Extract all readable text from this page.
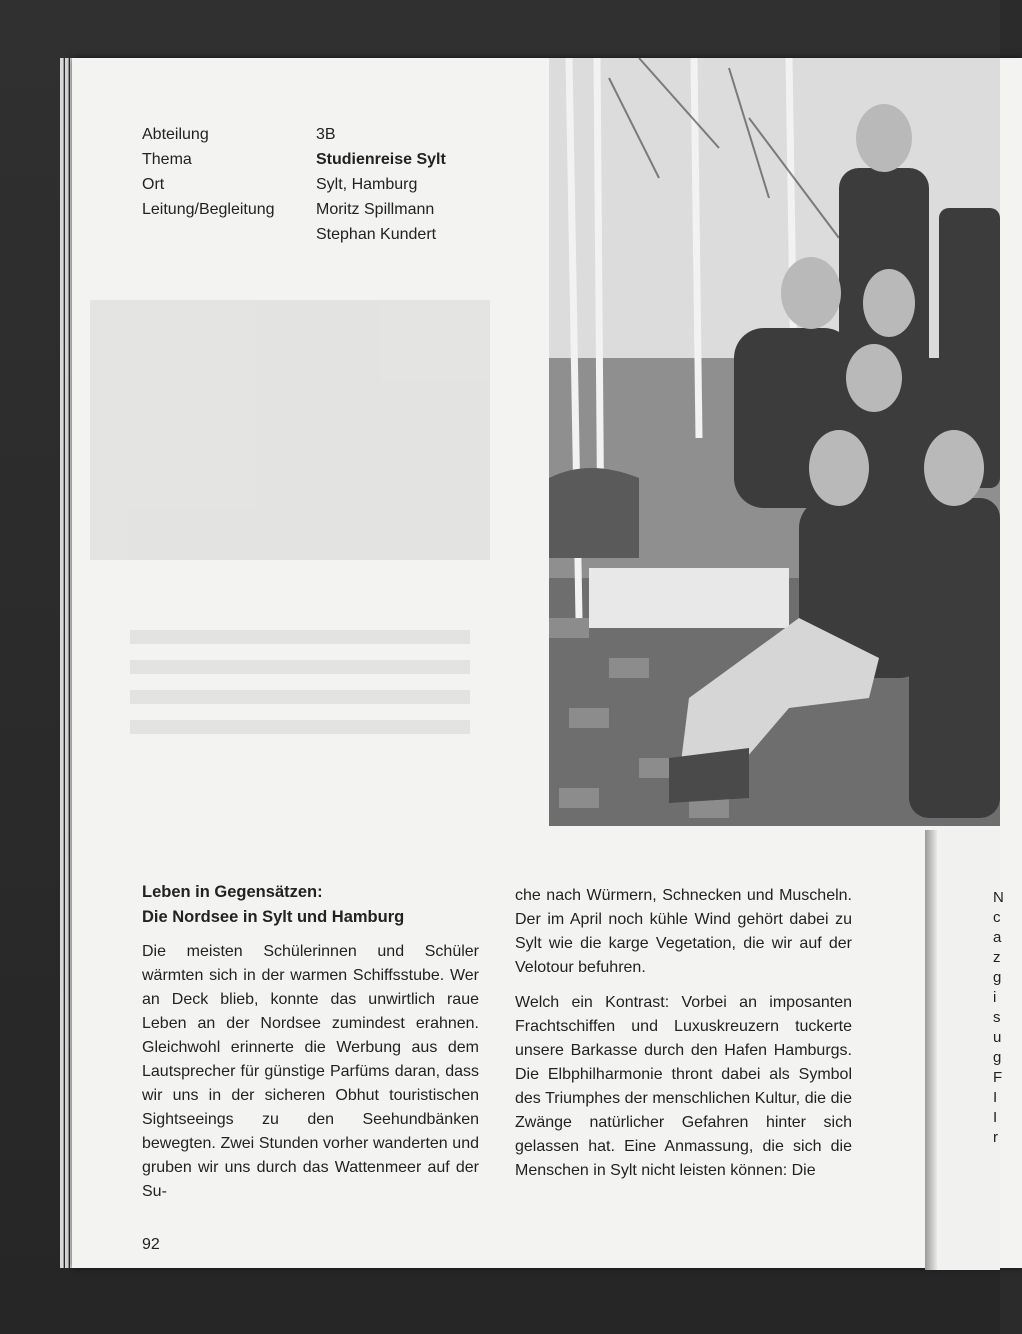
Abteilung	3B
Thema	Studienreise Sylt
Ort	Sylt, Hamburg
Leitung/Begleitung	Moritz Spillmann
Stephan Kundert

Leben in Gegensätzen:
Die Nordsee in Sylt und Hamburg

Die meisten Schülerinnen und Schüler wärmten sich in der warmen Schiffsstube. Wer an Deck blieb, konnte das unwirtlich raue Leben an der Nordsee zumindest erahnen. Gleichwohl erinnerte die Werbung aus dem Lautsprecher für günstige Parfüms daran, dass wir uns in der sicheren Obhut touristischen Sightseeings zu den Seehundbänken bewegten. Zwei Stunden vorher wanderten und gruben wir uns durch das Wattenmeer auf der Su-

che nach Würmern, Schnecken und Muscheln. Der im April noch kühle Wind gehört dabei zu Sylt wie die karge Vegetation, die wir auf der Velotour befuhren.

Welch ein Kontrast: Vorbei an imposanten Frachtschiffen und Luxuskreuzern tuckerte unsere Barkasse durch den Hafen Hamburgs. Die Elbphilharmonie thront dabei als Symbol des Triumphes der menschlichen Kultur, die die Zwänge natürlicher Gefahren hinter sich gelassen hat. Eine Anmassung, die sich die Menschen in Sylt nicht leisten können: Die

92
N
c
a
z
g
i
s
u
g
F
I
I
r
